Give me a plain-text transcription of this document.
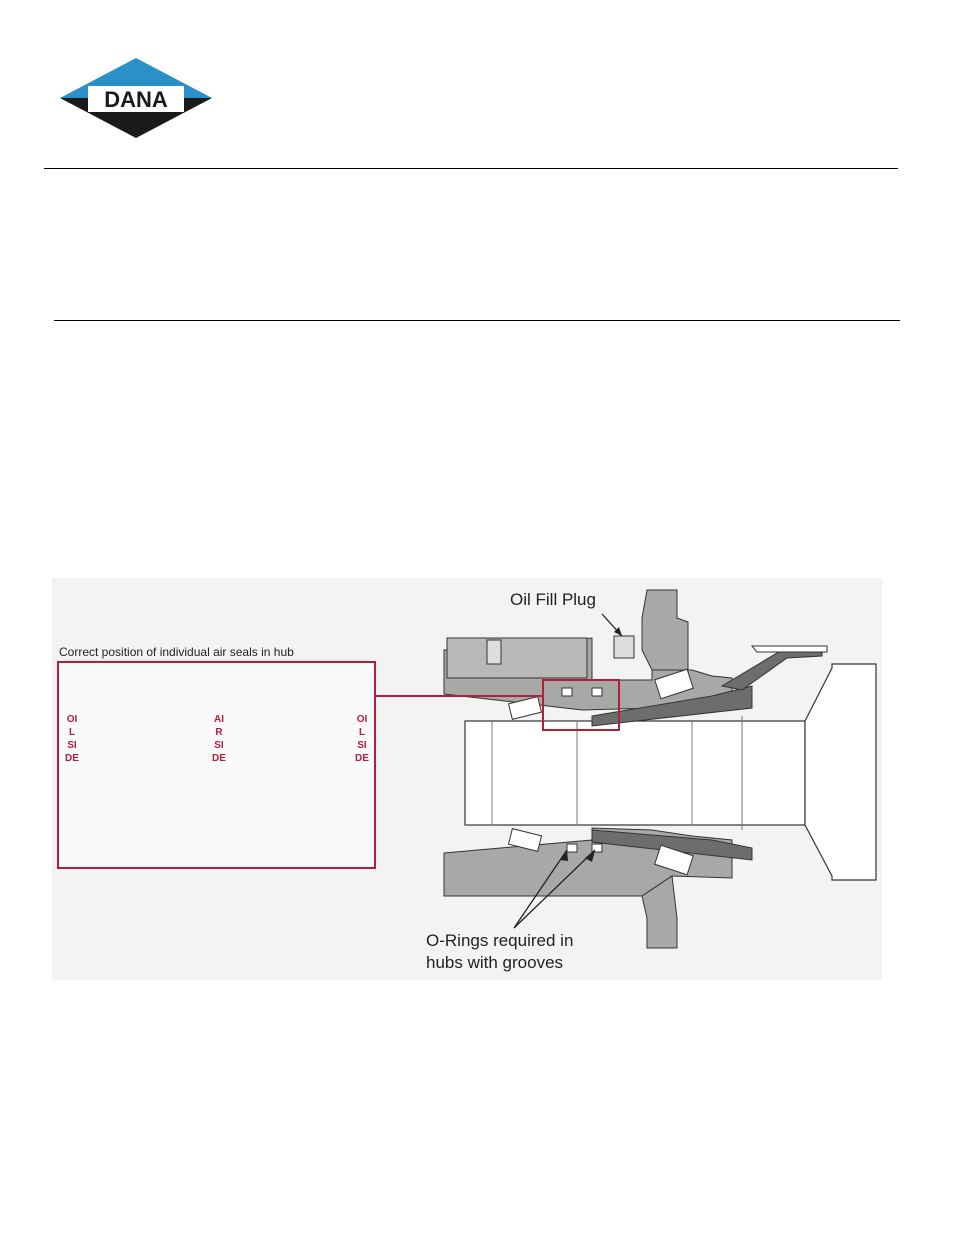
DANA
Correct position of individual air seals in hub
OIL SIDE
AIR SIDE
OIL SIDE
Oil Fill Plug
O-Rings required in
hubs with grooves
